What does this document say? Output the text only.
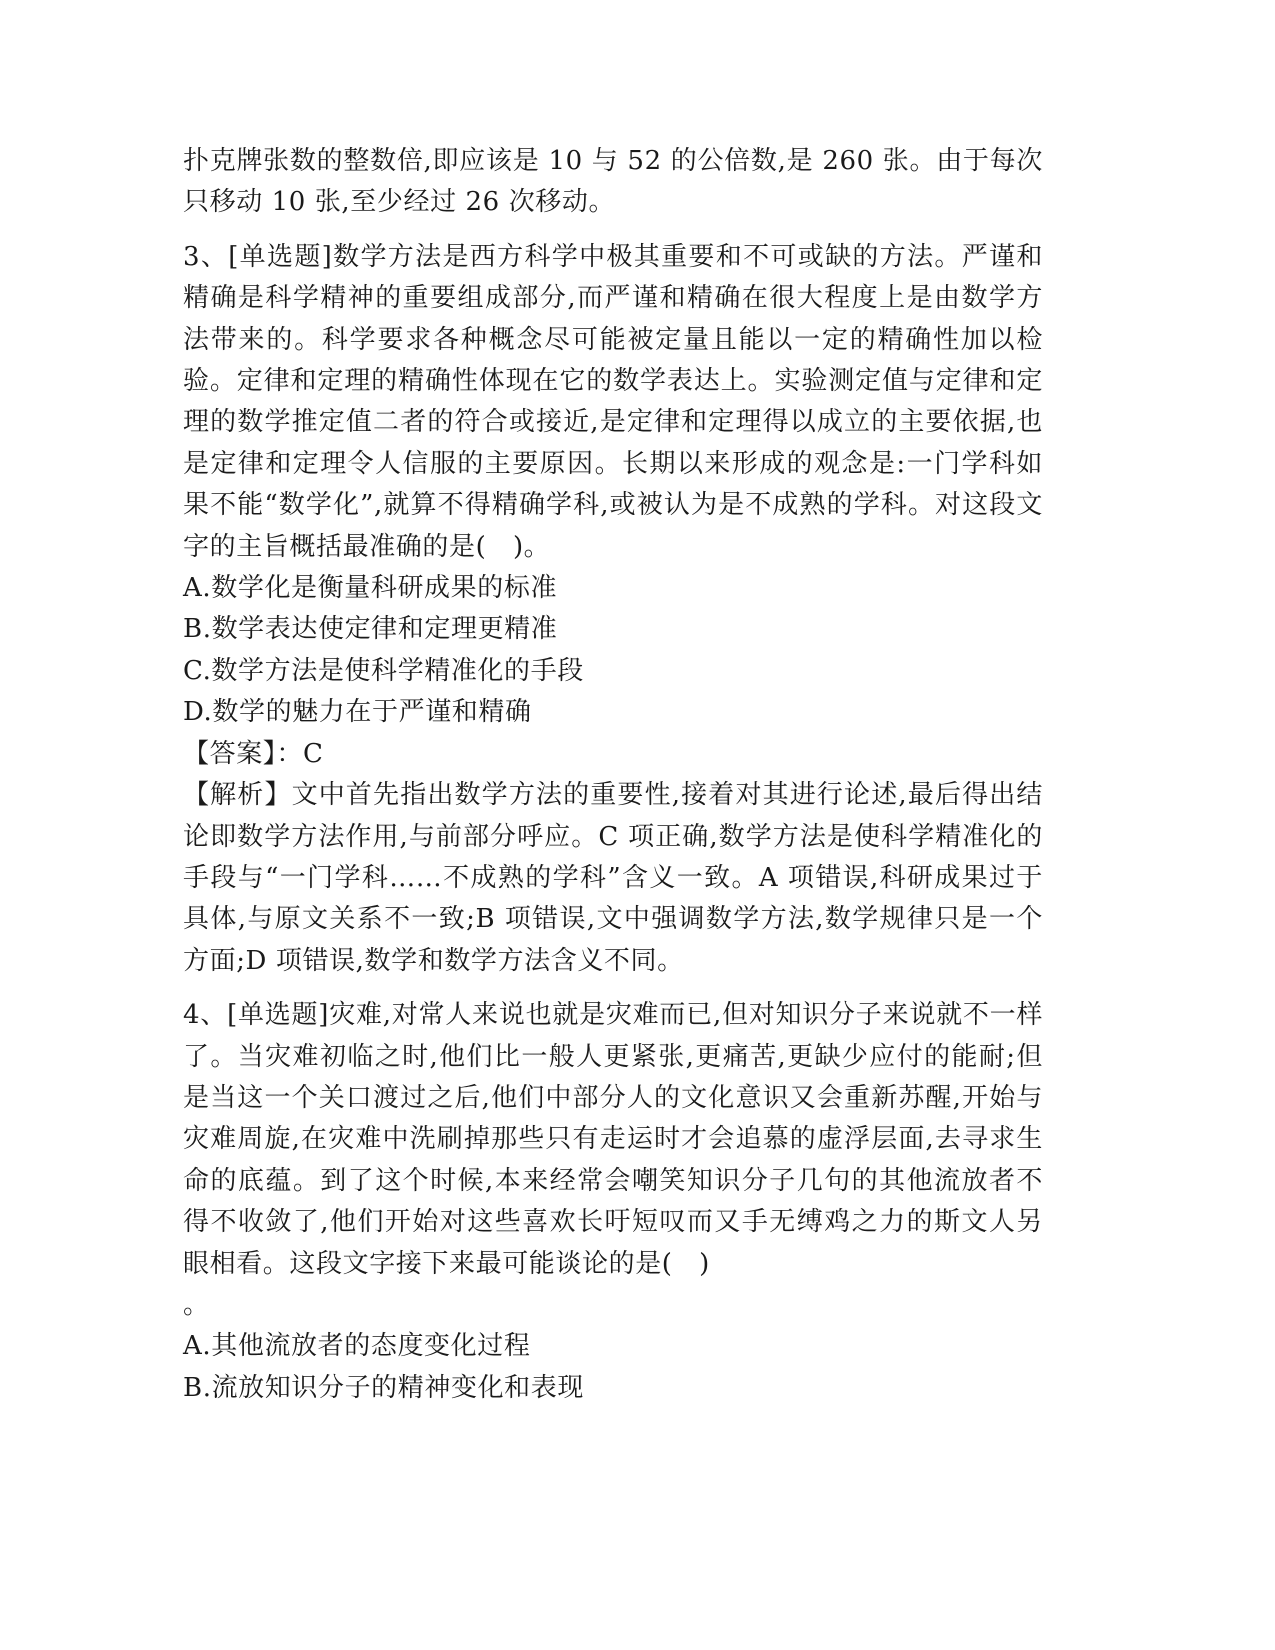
扑克牌张数的整数倍,即应该是 10 与 52 的公倍数,是 260 张。由于每次只移动 10 张,至少经过 26 次移动。

3、[单选题]数学方法是西方科学中极其重要和不可或缺的方法。严谨和精确是科学精神的重要组成部分,而严谨和精确在很大程度上是由数学方法带来的。科学要求各种概念尽可能被定量且能以一定的精确性加以检验。定律和定理的精确性体现在它的数学表达上。实验测定值与定律和定理的数学推定值二者的符合或接近,是定律和定理得以成立的主要依据,也是定律和定理令人信服的主要原因。长期以来形成的观念是:一门学科如果不能“数学化”,就算不得精确学科,或被认为是不成熟的学科。对这段文字的主旨概括最准确的是(　)。

A.数学化是衡量科研成果的标准

B.数学表达使定律和定理更精准

C.数学方法是使科学精准化的手段

D.数学的魅力在于严谨和精确

【答案】：C

【解析】文中首先指出数学方法的重要性,接着对其进行论述,最后得出结论即数学方法作用,与前部分呼应。C 项正确,数学方法是使科学精准化的手段与“一门学科……不成熟的学科”含义一致。A 项错误,科研成果过于具体,与原文关系不一致;B 项错误,文中强调数学方法,数学规律只是一个方面;D 项错误,数学和数学方法含义不同。

4、[单选题]灾难,对常人来说也就是灾难而已,但对知识分子来说就不一样了。当灾难初临之时,他们比一般人更紧张,更痛苦,更缺少应付的能耐;但是当这一个关口渡过之后,他们中部分人的文化意识又会重新苏醒,开始与灾难周旋,在灾难中洗刷掉那些只有走运时才会追慕的虚浮层面,去寻求生命的底蕴。到了这个时候,本来经常会嘲笑知识分子几句的其他流放者不得不收敛了,他们开始对这些喜欢长吁短叹而又手无缚鸡之力的斯文人另眼相看。这段文字接下来最可能谈论的是(　)

。

A.其他流放者的态度变化过程

B.流放知识分子的精神变化和表现
